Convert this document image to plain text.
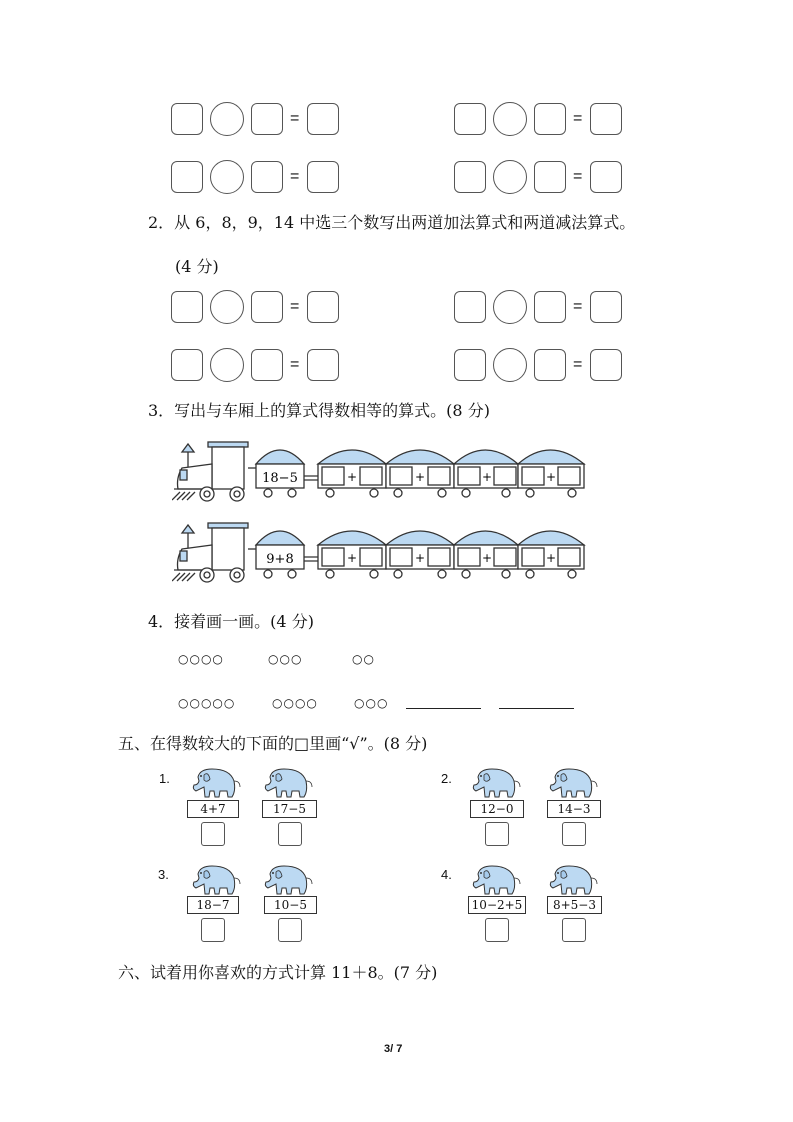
=	=
=	=
2．从 6，8，9，14 中选三个数写出两道加法算式和两道减法算式。
(4 分)
=	=
=	=
3．写出与车厢上的算式得数相等的算式。(8 分)
18−5	+	+	+	+
9+8	+	+	+	+
4．接着画一画。(4 分)
○○○○	○○○	○○
○○○○○	○○○○	○○○
五、在得数较大的下面的□里画“√”。(8 分)
1.
4+7	17−5
2.
12−0	14−3
3.
18−7	10−5
4.
10−2+5	8+5−3
六、试着用你喜欢的方式计算 11＋8。(7 分)
3/ 7
